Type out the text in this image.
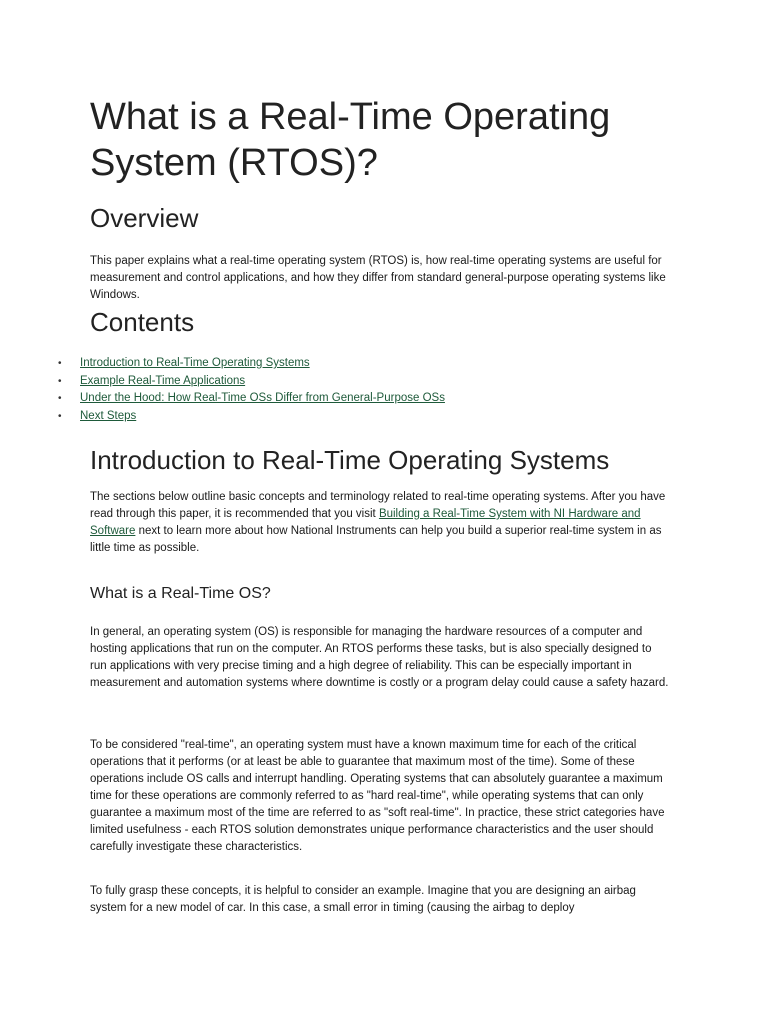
What is a Real-Time Operating System (RTOS)?
Overview

This paper explains what a real-time operating system (RTOS) is, how real-time operating systems are useful for measurement and control applications, and how they differ from standard general-purpose operating systems like Windows.

Contents
• Introduction to Real-Time Operating Systems
• Example Real-Time Applications
• Under the Hood: How Real-Time OSs Differ from General-Purpose OSs
• Next Steps
Introduction to Real-Time Operating Systems

The sections below outline basic concepts and terminology related to real-time operating systems. After you have read through this paper, it is recommended that you visit Building a Real-Time System with NI Hardware and Software next to learn more about how National Instruments can help you build a superior real-time system in as little time as possible.

What is a Real-Time OS?

In general, an operating system (OS) is responsible for managing the hardware resources of a computer and hosting applications that run on the computer. An RTOS performs these tasks, but is also specially designed to run applications with very precise timing and a high degree of reliability. This can be especially important in measurement and automation systems where downtime is costly or a program delay could cause a safety hazard.

To be considered "real-time", an operating system must have a known maximum time for each of the critical operations that it performs (or at least be able to guarantee that maximum most of the time). Some of these operations include OS calls and interrupt handling. Operating systems that can absolutely guarantee a maximum time for these operations are commonly referred to as "hard real-time", while operating systems that can only guarantee a maximum most of the time are referred to as "soft real-time". In practice, these strict categories have limited usefulness - each RTOS solution demonstrates unique performance characteristics and the user should carefully investigate these characteristics.

To fully grasp these concepts, it is helpful to consider an example. Imagine that you are designing an airbag system for a new model of car. In this case, a small error in timing (causing the airbag to deploy
